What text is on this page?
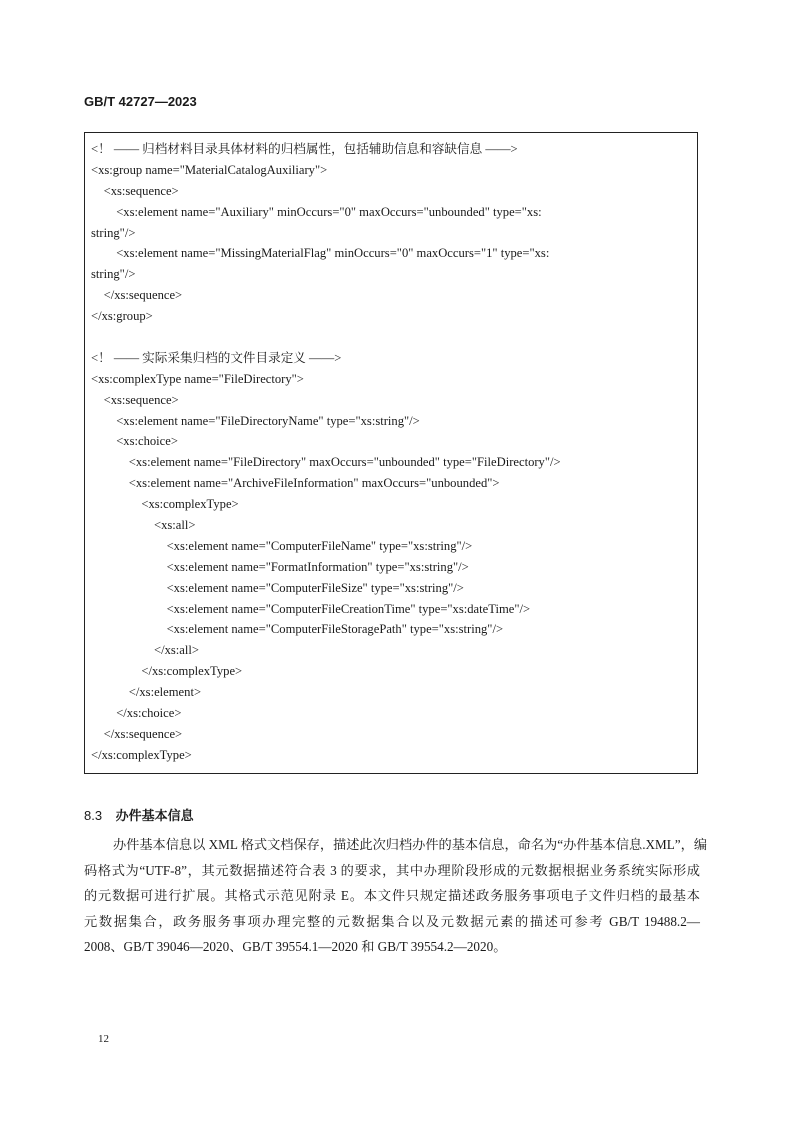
GB/T 42727—2023
<！ —— 归档材料目录具体材料的归档属性，包括辅助信息和容缺信息 ——>
<xs:group name="MaterialCatalogAuxiliary">
　<xs:sequence>
　　<xs:element name="Auxiliary" minOccurs="0" maxOccurs="unbounded" type="xs:
string"/>
　　<xs:element name="MissingMaterialFlag" minOccurs="0" maxOccurs="1" type="xs:
string"/>
　</xs:sequence>
</xs:group>
<！ —— 实际采集归档的文件目录定义 ——>
<xs:complexType name="FileDirectory">
　<xs:sequence>
　　<xs:element name="FileDirectoryName" type="xs:string"/>
　　<xs:choice>
　　　<xs:element name="FileDirectory" maxOccurs="unbounded" type="FileDirectory"/>
　　　<xs:element name="ArchiveFileInformation" maxOccurs="unbounded">
　　　　<xs:complexType>
　　　　　<xs:all>
　　　　　　<xs:element name="ComputerFileName" type="xs:string"/>
　　　　　　<xs:element name="FormatInformation" type="xs:string"/>
　　　　　　<xs:element name="ComputerFileSize" type="xs:string"/>
　　　　　　<xs:element name="ComputerFileCreationTime" type="xs:dateTime"/>
　　　　　　<xs:element name="ComputerFileStoragePath" type="xs:string"/>
　　　　　</xs:all>
　　　　</xs:complexType>
　　　</xs:element>
　　</xs:choice>
　</xs:sequence>
</xs:complexType>
8.3 办件基本信息
办件基本信息以 XML 格式文档保存，描述此次归档办件的基本信息，命名为“办件基本信息.XML”，编
码格式为“UTF-8”，其元数据描述符合表 3 的要求，其中办理阶段形成的元数据根据业务系统实际形成
的元数据可进行扩展。其格式示范见附录 E。本文件只规定描述政务服务事项电子文件归档的最基本
元数据集合，政务服务事项办理完整的元数据集合以及元数据元素的描述可参考 GB/T 19488.2—
2008、GB/T 39046—2020、GB/T 39554.1—2020 和 GB/T 39554.2—2020。
12
